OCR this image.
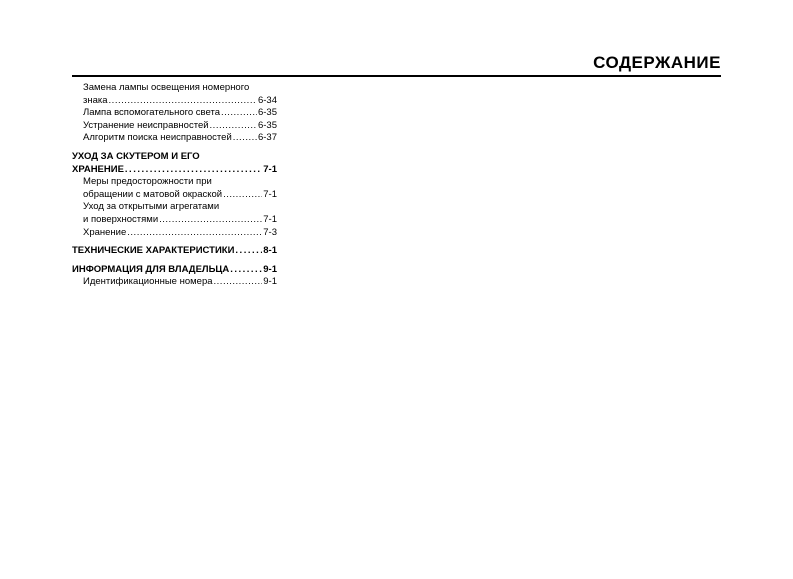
СОДЕРЖАНИЕ
Замена лампы освещения номерного
знака .....	6-34
Лампа вспомогательного света .....	6-35
Устранение неисправностей .....	6-35
Алгоритм поиска неисправностей .....	6-37
УХОД ЗА СКУТЕРОМ И ЕГО
ХРАНЕНИЕ .....	7-1
Меры предосторожности при
обращении с матовой окраской .....	7-1
Уход за открытыми агрегатами
и поверхностями .....	7-1
Хранение .....	7-3
ТЕХНИЧЕСКИЕ ХАРАКТЕРИСТИКИ .....	8-1
ИНФОРМАЦИЯ ДЛЯ ВЛАДЕЛЬЦА .....	9-1
Идентификационные номера .....	9-1
